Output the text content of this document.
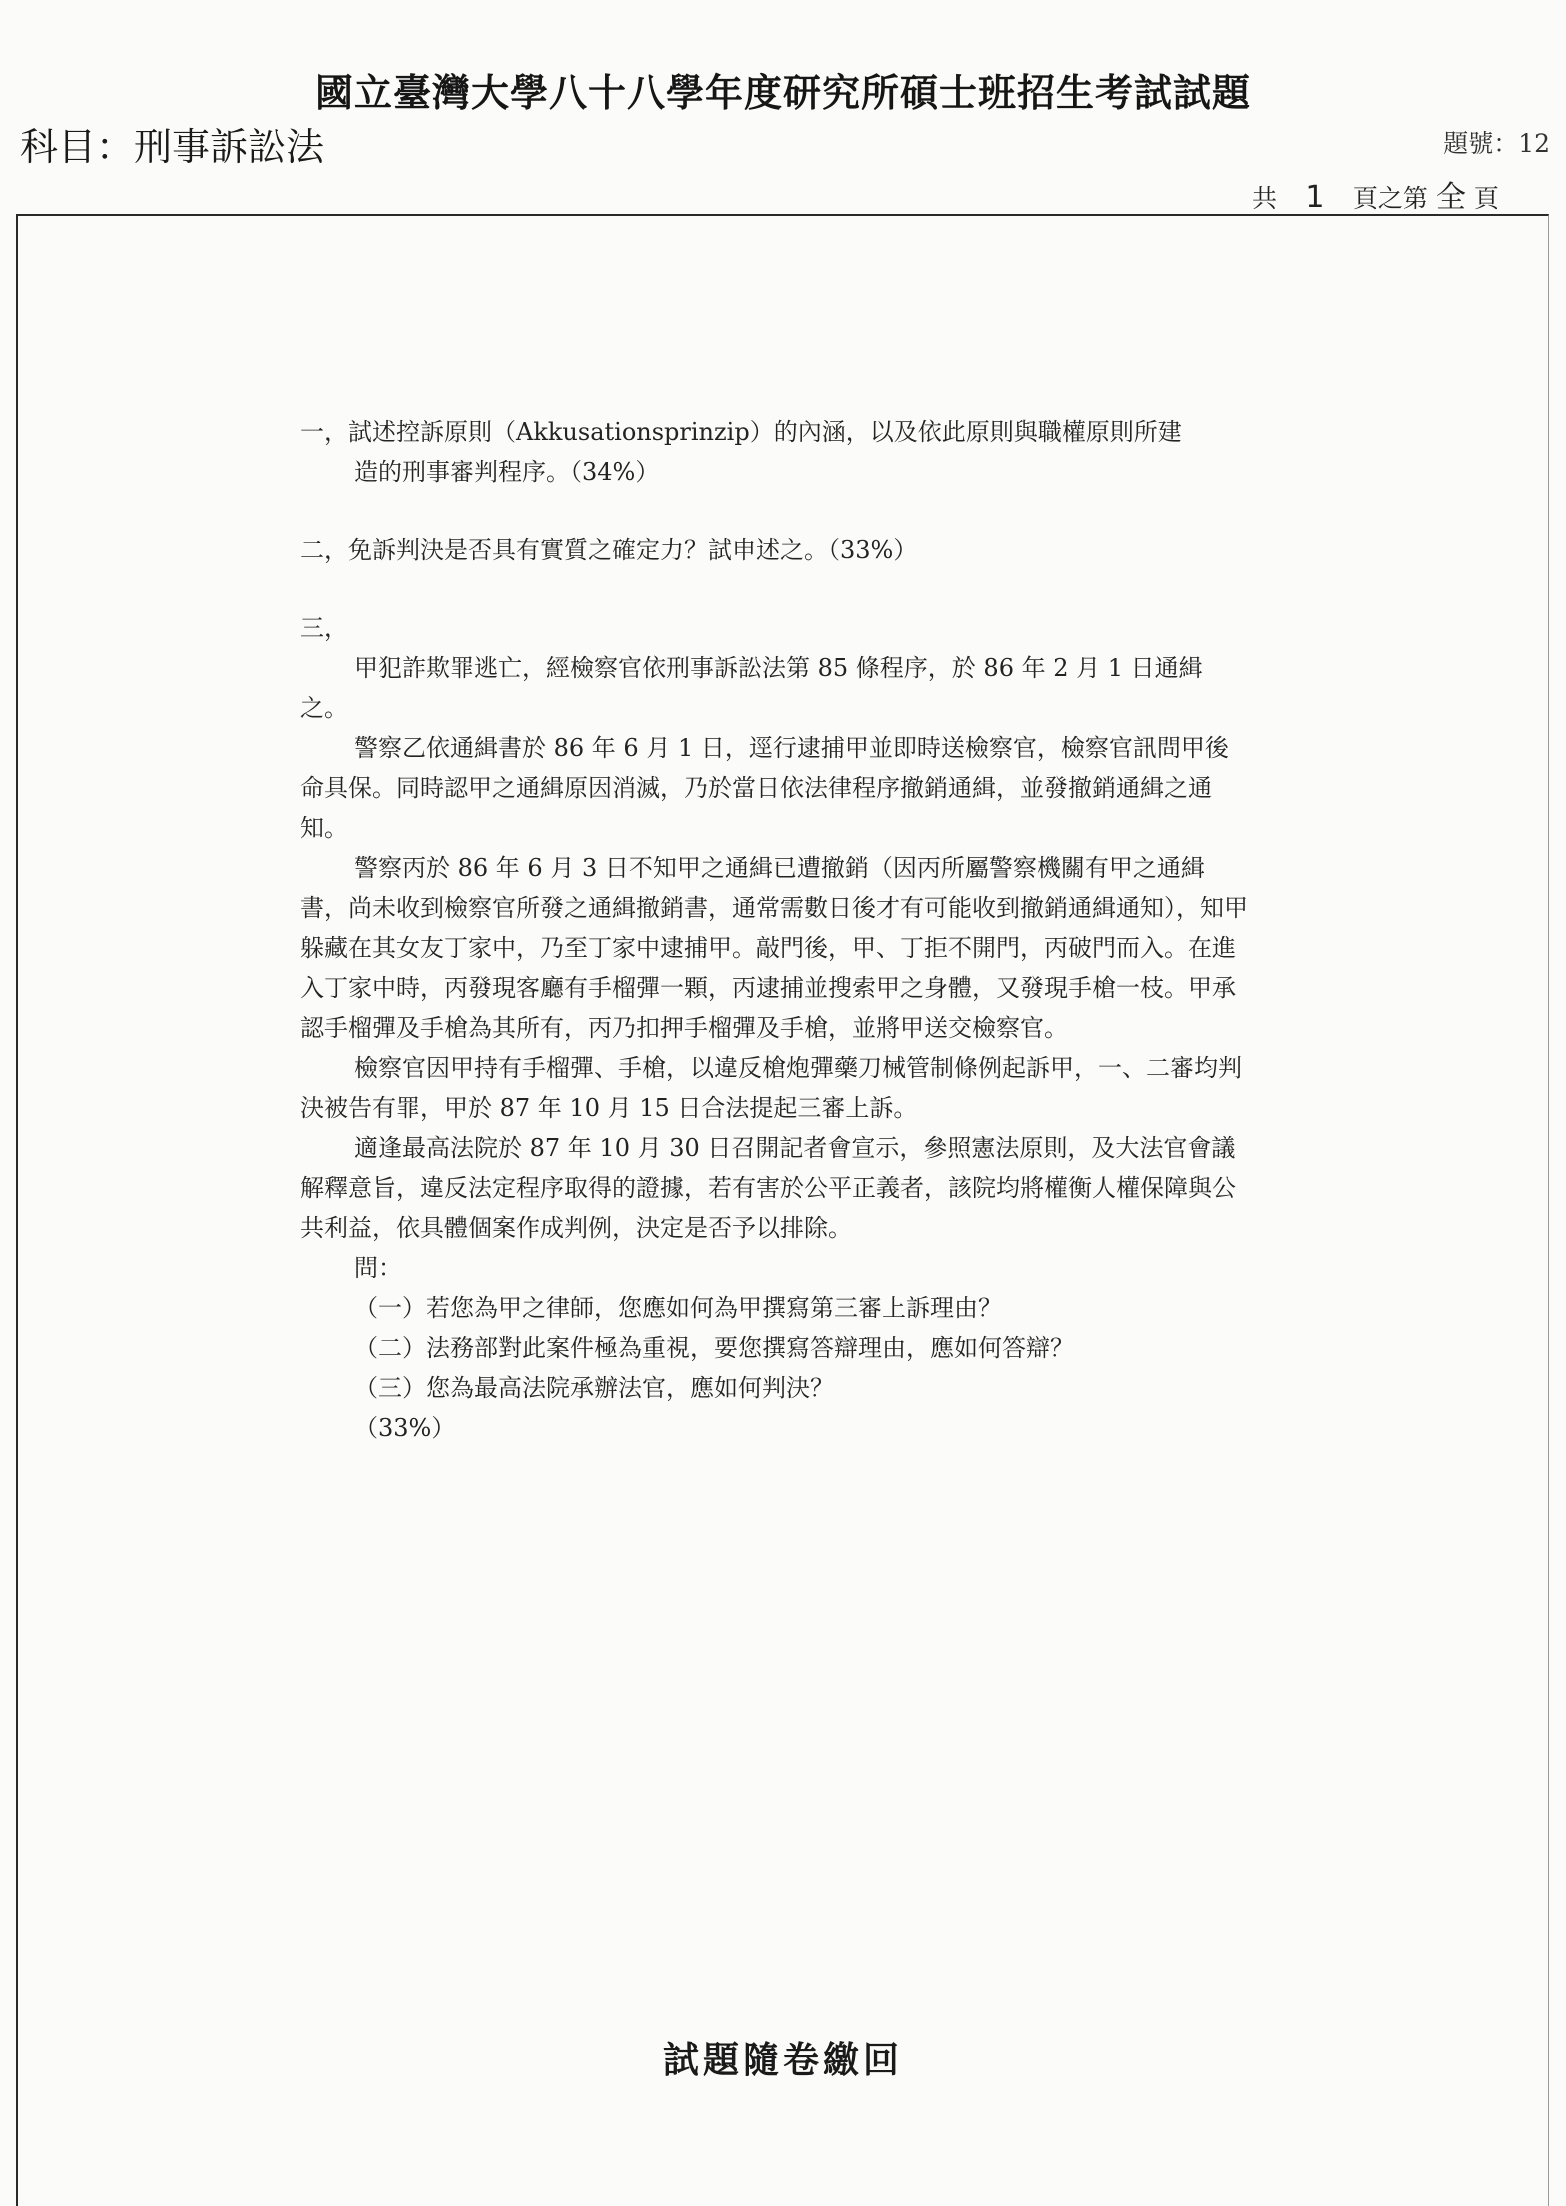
國立臺灣大學八十八學年度研究所碩士班招生考試試題
科目：刑事訴訟法	題號：12
共 1 頁之第 全 頁

一，試述控訴原則（Akkusationsprinzip）的內涵，以及依此原則與職權原則所建

造的刑事審判程序。（34%）

二，免訴判決是否具有實質之確定力？試申述之。（33%）

三，

甲犯詐欺罪逃亡，經檢察官依刑事訴訟法第 85 條程序，於 86 年 2 月 1 日通緝之。

警察乙依通緝書於 86 年 6 月 1 日，逕行逮捕甲並即時送檢察官，檢察官訊問甲後命具保。同時認甲之通緝原因消滅，乃於當日依法律程序撤銷通緝，並發撤銷通緝之通知。

警察丙於 86 年 6 月 3 日不知甲之通緝已遭撤銷（因丙所屬警察機關有甲之通緝書，尚未收到檢察官所發之通緝撤銷書，通常需數日後才有可能收到撤銷通緝通知），知甲躲藏在其女友丁家中，乃至丁家中逮捕甲。敲門後，甲、丁拒不開門，丙破門而入。在進入丁家中時，丙發現客廳有手榴彈一顆，丙逮捕並搜索甲之身體，又發現手槍一枝。甲承認手榴彈及手槍為其所有，丙乃扣押手榴彈及手槍，並將甲送交檢察官。

檢察官因甲持有手榴彈、手槍，以違反槍炮彈藥刀械管制條例起訴甲，一、二審均判決被告有罪，甲於 87 年 10 月 15 日合法提起三審上訴。

適逢最高法院於 87 年 10 月 30 日召開記者會宣示，參照憲法原則，及大法官會議解釋意旨，違反法定程序取得的證據，若有害於公平正義者，該院均將權衡人權保障與公共利益，依具體個案作成判例，決定是否予以排除。

問：

（一）若您為甲之律師，您應如何為甲撰寫第三審上訴理由？

（二）法務部對此案件極為重視，要您撰寫答辯理由，應如何答辯？

（三）您為最高法院承辦法官，應如何判決？

（33%）

試題隨卷繳回
